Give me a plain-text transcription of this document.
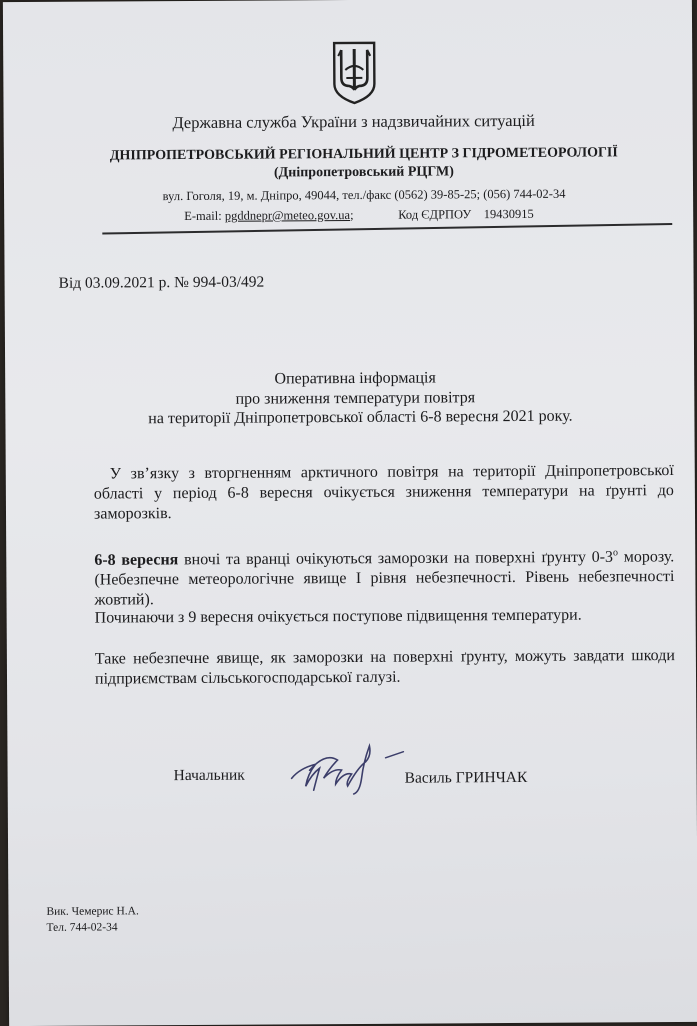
Державна служба України з надзвичайних ситуацій
ДНІПРОПЕТРОВСЬКИЙ РЕГІОНАЛЬНИЙ ЦЕНТР З ГІДРОМЕТЕОРОЛОГІЇ
(Дніпропетровський РЦГМ)
вул. Гоголя, 19, м. Дніпро, 49044, тел./факс (0562) 39-85-25; (056) 744-02-34
E-mail: pgddnepr@meteo.gov.ua;	Код ЄДРПОУ 19430915
Від 03.09.2021 р. № 994-03/492
Оперативна інформація
про зниження температури повітря
на території Дніпропетровської області 6-8 вересня 2021 року.
У зв’язку з вторгненням арктичного повітря на території Дніпропетровської області у період 6-8 вересня очікується зниження температури на ґрунті до заморозків.
6-8 вересня вночі та вранці очікуються заморозки на поверхні ґрунту $0-3^о$ морозу. (Небезпечне метеорологічне явище І рівня небезпечності. Рівень небезпечності жовтий).
Починаючи з 9 вересня очікується поступове підвищення температури.
Таке небезпечне явище, як заморозки на поверхні ґрунту, можуть завдати шкоди підприємствам сільськогосподарської галузі.
Начальник	Василь ГРИНЧАК
Вик. Чемерис Н.А.
Тел. 744-02-34
